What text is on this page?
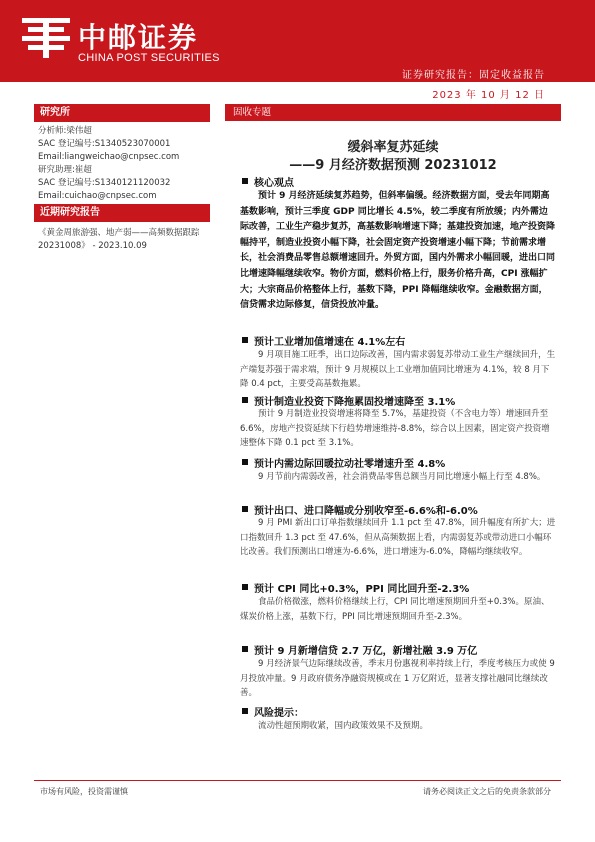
中邮证券
CHINA POST SECURITIES
证券研究报告：固定收益报告
2023 年 10 月 12 日
研究所
分析师:梁伟超
SAC 登记编号:S1340523070001
Email:liangweichao@cnpsec.com
研究助理:崔超
SAC 登记编号:S1340121120032
Email:cuichao@cnpsec.com
近期研究报告
《黄金周旅游强、地产弱——高频数据跟踪 20231008》 - 2023.10.09
固收专题
缓斜率复苏延续
——9 月经济数据预测 20231012
核心观点
预计 9 月经济延续复苏趋势，但斜率偏缓。经济数据方面，受去年同期高基数影响，预计三季度 GDP 同比增长 4.5%，较二季度有所放缓；内外需边际改善，工业生产稳步复苏，高基数影响增速下降；基建投资加速，地产投资降幅持平，制造业投资小幅下降，社会固定资产投资增速小幅下降；节前需求增长，社会消费品零售总额增速回升。外贸方面，国内外需求小幅回暖，进出口同比增速降幅继续收窄。物价方面，燃料价格上行，服务价格升高，CPI 涨幅扩大；大宗商品价格整体上行，基数下降，PPI 降幅继续收窄。金融数据方面，信贷需求边际修复，信贷投放冲量。
预计工业增加值增速在 4.1%左右
9 月项目施工旺季，出口边际改善，国内需求弱复苏带动工业生产继续回升，生产端复苏强于需求端，预计 9 月规模以上工业增加值同比增速为 4.1%，较 8 月下降 0.4 pct，主要受高基数拖累。
预计制造业投资下降拖累固投增速降至 3.1%
预计 9 月制造业投资增速将降至 5.7%，基建投资（不含电力等）增速回升至 6.6%，房地产投资延续下行趋势增速维持-8.8%，综合以上因素，固定资产投资增速整体下降 0.1 pct 至 3.1%。
预计内需边际回暖拉动社零增速升至 4.8%
9 月节前内需弱改善，社会消费品零售总额当月同比增速小幅上行至 4.8%。
预计出口、进口降幅或分别收窄至-6.6%和-6.0%
9 月 PMI 新出口订单指数继续回升 1.1 pct 至 47.8%，回升幅度有所扩大；进口指数回升 1.3 pct 至 47.6%，但从高频数据上看，内需弱复苏或带动进口小幅环比改善。我们预测出口增速为-6.6%，进口增速为-6.0%，降幅均继续收窄。
预计 CPI 同比+0.3%，PPI 同比回升至-2.3%
食品价格微涨，燃料价格继续上行，CPI 同比增速预期回升至+0.3%。原油、煤炭价格上涨，基数下行，PPI 同比增速预期回升至-2.3%。
预计 9 月新增信贷 2.7 万亿，新增社融 3.9 万亿
9 月经济景气边际继续改善，季末月份惠视利率持续上行，季度考核压力或使 9 月投放冲量。9 月政府债务净融资规模或在 1 万亿附近，显著支撑社融同比继续改善。
风险提示：
流动性超预期收紧，国内政策效果不及预期。
市场有风险，投资需谨慎	请务必阅读正文之后的免责条款部分
